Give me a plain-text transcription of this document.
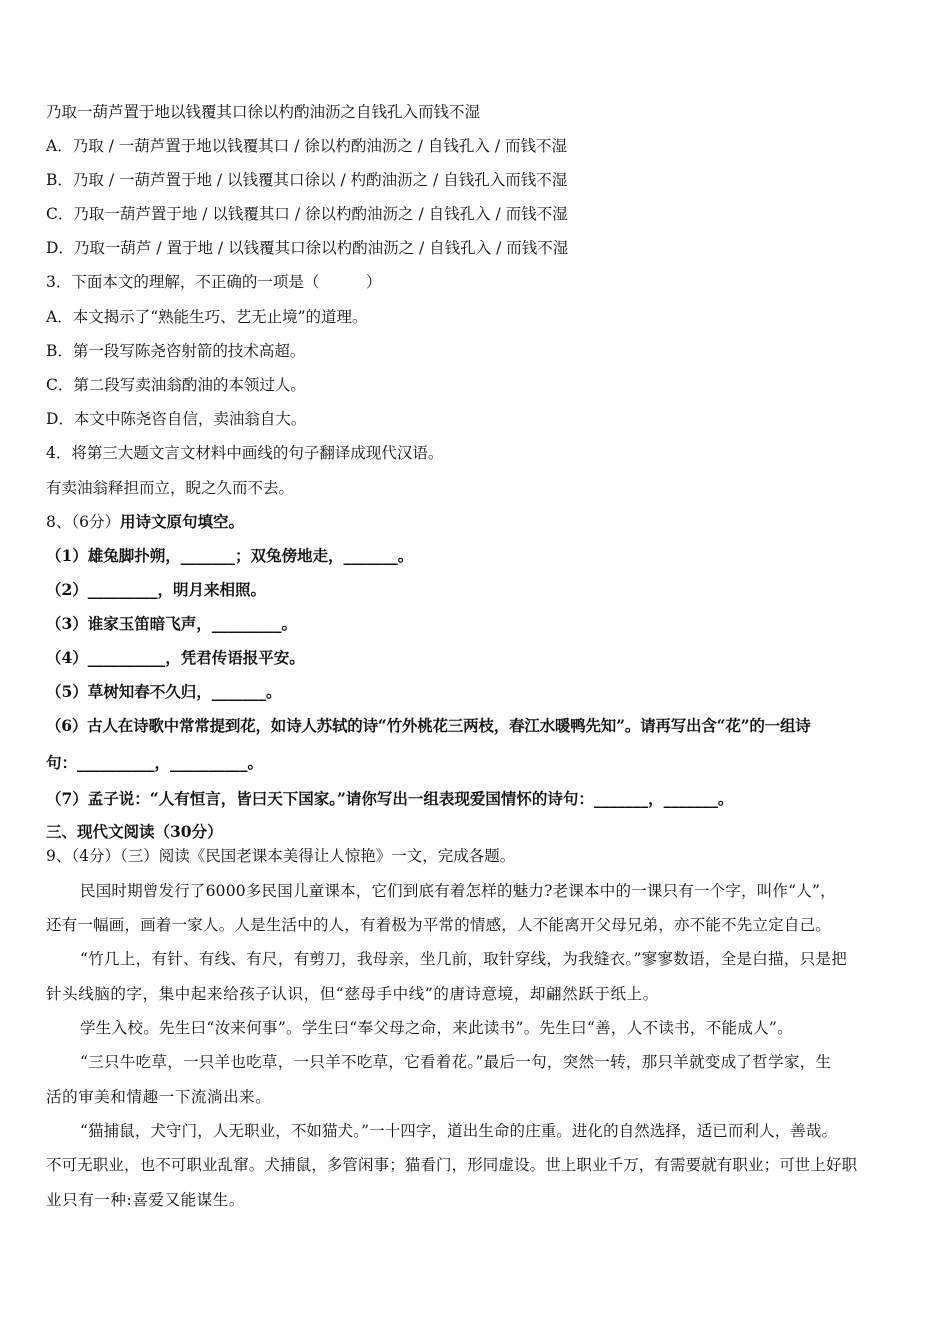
乃取一葫芦置于地以钱覆其口徐以杓酌油沥之自钱孔入而钱不湿
A．乃取 / 一葫芦置于地以钱覆其口 / 徐以杓酌油沥之 / 自钱孔入 / 而钱不湿
B．乃取 / 一葫芦置于地 / 以钱覆其口徐以 / 杓酌油沥之 / 自钱孔入而钱不湿
C．乃取一葫芦置于地 / 以钱覆其口 / 徐以杓酌油沥之 / 自钱孔入 / 而钱不湿
D．乃取一葫芦 / 置于地 / 以钱覆其口徐以杓酌油沥之 / 自钱孔入 / 而钱不湿
3．下面本文的理解，不正确的一项是（　　　）
A．本文揭示了“熟能生巧、艺无止境”的道理。
B．第一段写陈尧咨射箭的技术高超。
C．第二段写卖油翁酌油的本领过人。
D．本文中陈尧咨自信，卖油翁自大。
4．将第三大题文言文材料中画线的句子翻译成现代汉语。
有卖油翁释担而立，睨之久而不去。
8、（6分）用诗文原句填空。
（1）雄兔脚扑朔，_______；双兔傍地走，_______。
（2）_________，明月来相照。
（3）谁家玉笛暗飞声，_________。
（4）__________，凭君传语报平安。
（5）草树知春不久归，_______。
（6）古人在诗歌中常常提到花，如诗人苏轼的诗“竹外桃花三两枝，春江水暖鸭先知”。请再写出含“花”的一组诗
句：__________，__________。
（7）孟子说：“人有恒言，皆曰天下国家。”请你写出一组表现爱国情怀的诗句：_______，_______。
三、现代文阅读（30分）
9、（4分）（三）阅读《民国老课本美得让人惊艳》一文，完成各题。
民国时期曾发行了6000多民国儿童课本，它们到底有着怎样的魅力?老课本中的一课只有一个字，叫作“人”，
还有一幅画，画着一家人。人是生活中的人，有着极为平常的情感，人不能离开父母兄弟，亦不能不先立定自己。
“竹几上，有针、有线、有尺，有剪刀，我母亲，坐几前，取针穿线，为我缝衣。”寥寥数语，全是白描，只是把
针头线脑的字，集中起来给孩子认识，但“慈母手中线”的唐诗意境，却翩然跃于纸上。
学生入校。先生曰“汝来何事”。学生曰“奉父母之命，来此读书”。先生曰“善，人不读书，不能成人”。
“三只牛吃草，一只羊也吃草，一只羊不吃草，它看着花。”最后一句，突然一转，那只羊就变成了哲学家，生
活的审美和情趣一下流淌出来。
“猫捕鼠，犬守门，人无职业，不如猫犬。”一十四字，道出生命的庄重。进化的自然选择，适已而利人，善哉。
不可无职业，也不可职业乱窜。犬捕鼠，多管闲事；猫看门，形同虚设。世上职业千万，有需要就有职业；可世上好职
业只有一种:喜爱又能谋生。
